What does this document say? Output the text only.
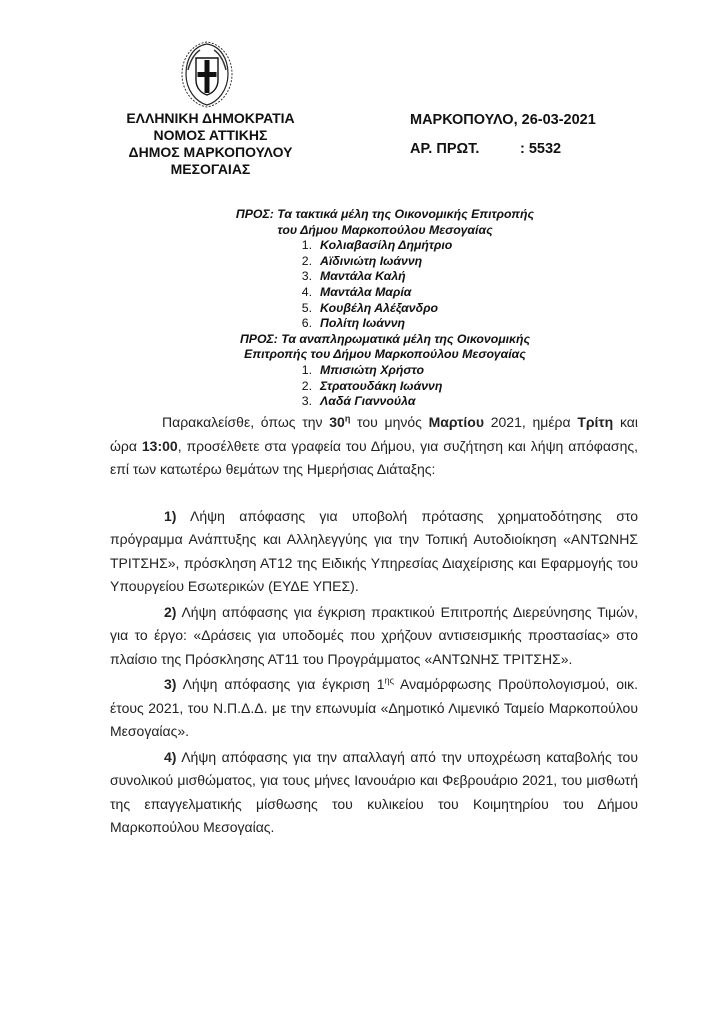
ΕΛΛΗΝΙΚΗ ΔΗΜΟΚΡΑΤΙΑ
ΝΟΜΟΣ ΑΤΤΙΚΗΣ
ΔΗΜΟΣ ΜΑΡΚΟΠΟΥΛΟΥ
ΜΕΣΟΓΑΙΑΣ
ΜΑΡΚΟΠΟΥΛΟ, 26-03-2021
ΑΡ. ΠΡΩΤ.	: 5532
ΠΡΟΣ: Τα τακτικά μέλη της Οικονομικής Επιτροπής
του Δήμου Μαρκοπούλου Μεσογαίας
Κολιαβασίλη Δημήτριο
Αϊδινιώτη Ιωάννη
Μαντάλα Καλή
Μαντάλα Μαρία
Κουβέλη Αλέξανδρο
Πολίτη Ιωάννη
ΠΡΟΣ: Τα αναπληρωματικά μέλη της Οικονομικής
Επιτροπής του Δήμου Μαρκοπούλου Μεσογαίας
Μπισιώτη Χρήστο
Στρατουδάκη Ιωάννη
Λαδά Γιαννούλα

Παρακαλείσθε, όπως την $30^\eta$ του μηνός Μαρτίου 2021, ημέρα Τρίτη και ώρα 13:00, προσέλθετε στα γραφεία του Δήμου, για συζήτηση και λήψη απόφασης, επί των κατωτέρω θεμάτων της Ημερήσιας Διάταξης:

1) Λήψη απόφασης για υποβολή πρότασης χρηματοδότησης στο πρόγραμμα Ανάπτυξης και Αλληλεγγύης για την Τοπική Αυτοδιοίκηση «ΑΝΤΩΝΗΣ ΤΡΙΤΣΗΣ», πρόσκληση ΑΤ12 της Ειδικής Υπηρεσίας Διαχείρισης και Εφαρμογής του Υπουργείου Εσωτερικών (ΕΥΔΕ ΥΠΕΣ).

2) Λήψη απόφασης για έγκριση πρακτικού Επιτροπής Διερεύνησης Τιμών, για το έργο: «Δράσεις για υποδομές που χρήζουν αντισεισμικής προστασίας» στο πλαίσιο της Πρόσκλησης ΑΤ11 του Προγράμματος «ΑΝΤΩΝΗΣ ΤΡΙΤΣΗΣ».

3) Λήψη απόφασης για έγκριση $1^{\eta\varsigma}$ Αναμόρφωσης Προϋπολογισμού, οικ. έτους 2021, του Ν.Π.Δ.Δ. με την επωνυμία «Δημοτικό Λιμενικό Ταμείο Μαρκοπούλου Μεσογαίας».

4) Λήψη απόφασης για την απαλλαγή από την υποχρέωση καταβολής του συνολικού μισθώματος, για τους μήνες Ιανουάριο και Φεβρουάριο 2021, του μισθωτή της επαγγελματικής μίσθωσης του κυλικείου του Κοιμητηρίου του Δήμου Μαρκοπούλου Μεσογαίας.
